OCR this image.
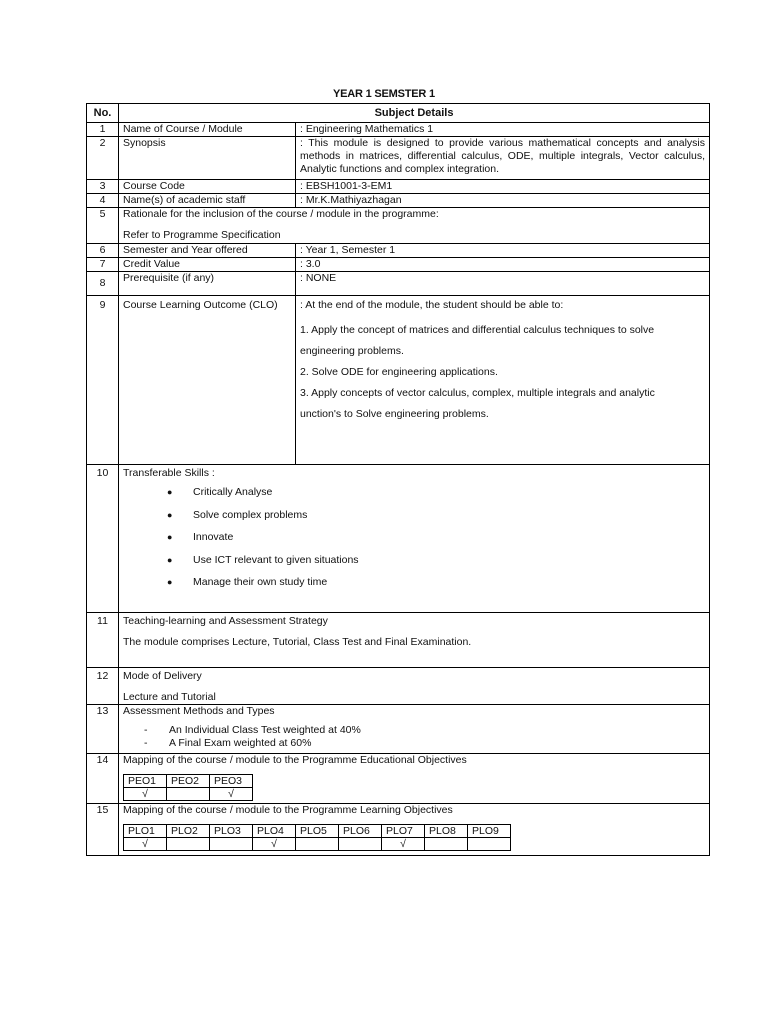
YEAR 1 SEMSTER 1
No.	Subject Details
1	Name of Course / Module	: Engineering Mathematics 1
2	Synopsis	: This module is designed to provide various mathematical concepts and analysis methods in matrices, differential calculus, ODE, multiple integrals, Vector calculus, Analytic functions and complex integration.
3	Course Code	: EBSH1001-3-EM1
4	Name(s) of academic staff	: Mr.K.Mathiyazhagan
5	Rationale for the inclusion of the course / module in the programme:
Refer to Programme Specification

6	Semester and Year offered	: Year 1, Semester 1
7	Credit Value	: 3.0
8	Prerequisite (if any)	: NONE
9	Course Learning Outcome (CLO)	: At the end of the module, the student should be able to:

1. Apply the concept of matrices and differential calculus techniques to solve

engineering problems.

2. Solve ODE for engineering applications.

3. Apply concepts of vector calculus, complex, multiple integrals and analytic

unction's to Solve engineering problems.

10	Transferable Skills :
● Critically Analyse
● Solve complex problems
● Innovate
● Use ICT relevant to given situations
● Manage their own study time

11	Teaching-learning and Assessment Strategy
The module comprises Lecture, Tutorial, Class Test and Final Examination.

12	Mode of Delivery
Lecture and Tutorial

13	Assessment Methods and Types
- An Individual Class Test weighted at 40%
- A Final Exam weighted at 60%

14	Mapping of the course / module to the Programme Educational Objectives
PEO1	PEO2	PEO3
√		√

15	Mapping of the course / module to the Programme Learning Objectives
PLO1	PLO2	PLO3	PLO4	PLO5	PLO6	PLO7	PLO8	PLO9
√			√			√		
